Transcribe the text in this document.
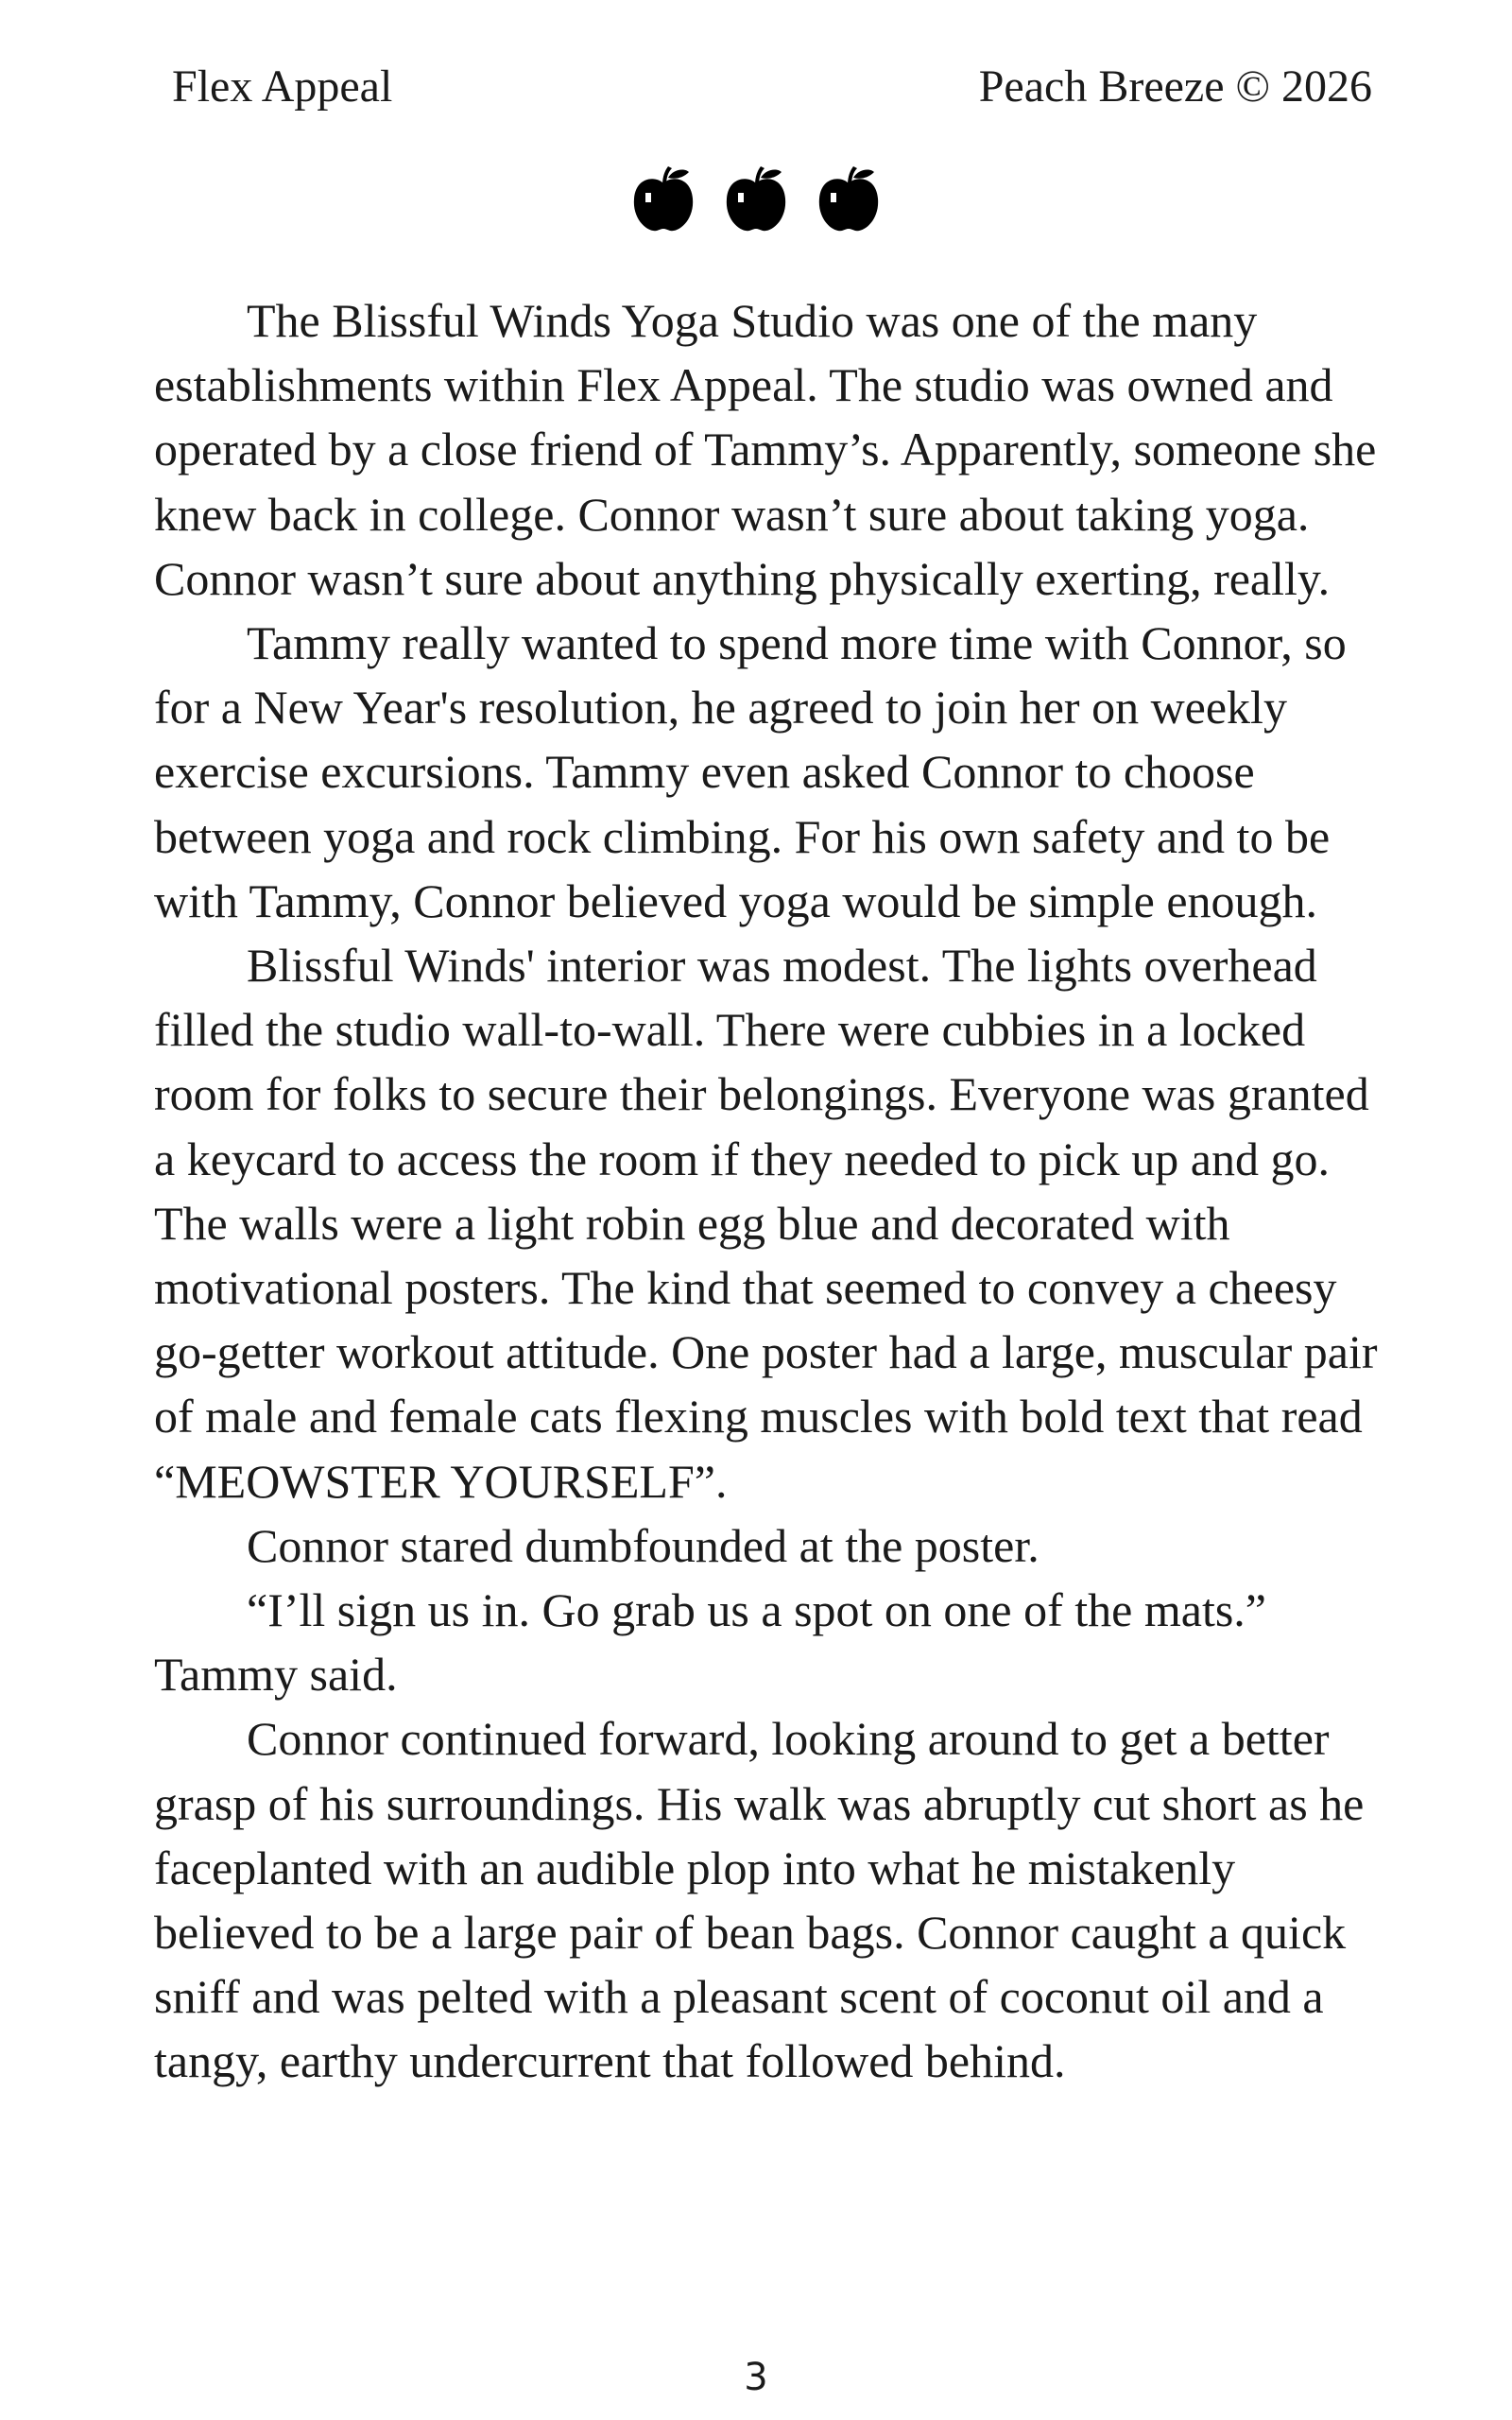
Flex Appeal	Peach Breeze © 2026

The Blissful Winds Yoga Studio was one of the many establishments within Flex Appeal. The studio was owned and operated by a close friend of Tammy’s. Apparently, someone she knew back in college. Connor wasn’t sure about taking yoga. Connor wasn’t sure about anything physically exerting, really.

Tammy really wanted to spend more time with Connor, so for a New Year's resolution, he agreed to join her on weekly exercise excursions. Tammy even asked Connor to choose between yoga and rock climbing. For his own safety and to be with Tammy, Connor believed yoga would be simple enough.

Blissful Winds' interior was modest. The lights overhead filled the studio wall-to-wall. There were cubbies in a locked room for folks to secure their belongings. Everyone was granted a keycard to access the room if they needed to pick up and go. The walls were a light robin egg blue and decorated with motivational posters. The kind that seemed to convey a cheesy go-getter workout attitude. One poster had a large, muscular pair of male and female cats flexing muscles with bold text that read “MEOWSTER YOURSELF”.

Connor stared dumbfounded at the poster.

“I’ll sign us in. Go grab us a spot on one of the mats.” Tammy said.

Connor continued forward, looking around to get a better grasp of his surroundings. His walk was abruptly cut short as he faceplanted with an audible plop into what he mistakenly believed to be a large pair of bean bags. Connor caught a quick sniff and was pelted with a pleasant scent of coconut oil and a tangy, earthy undercurrent that followed behind.

3
